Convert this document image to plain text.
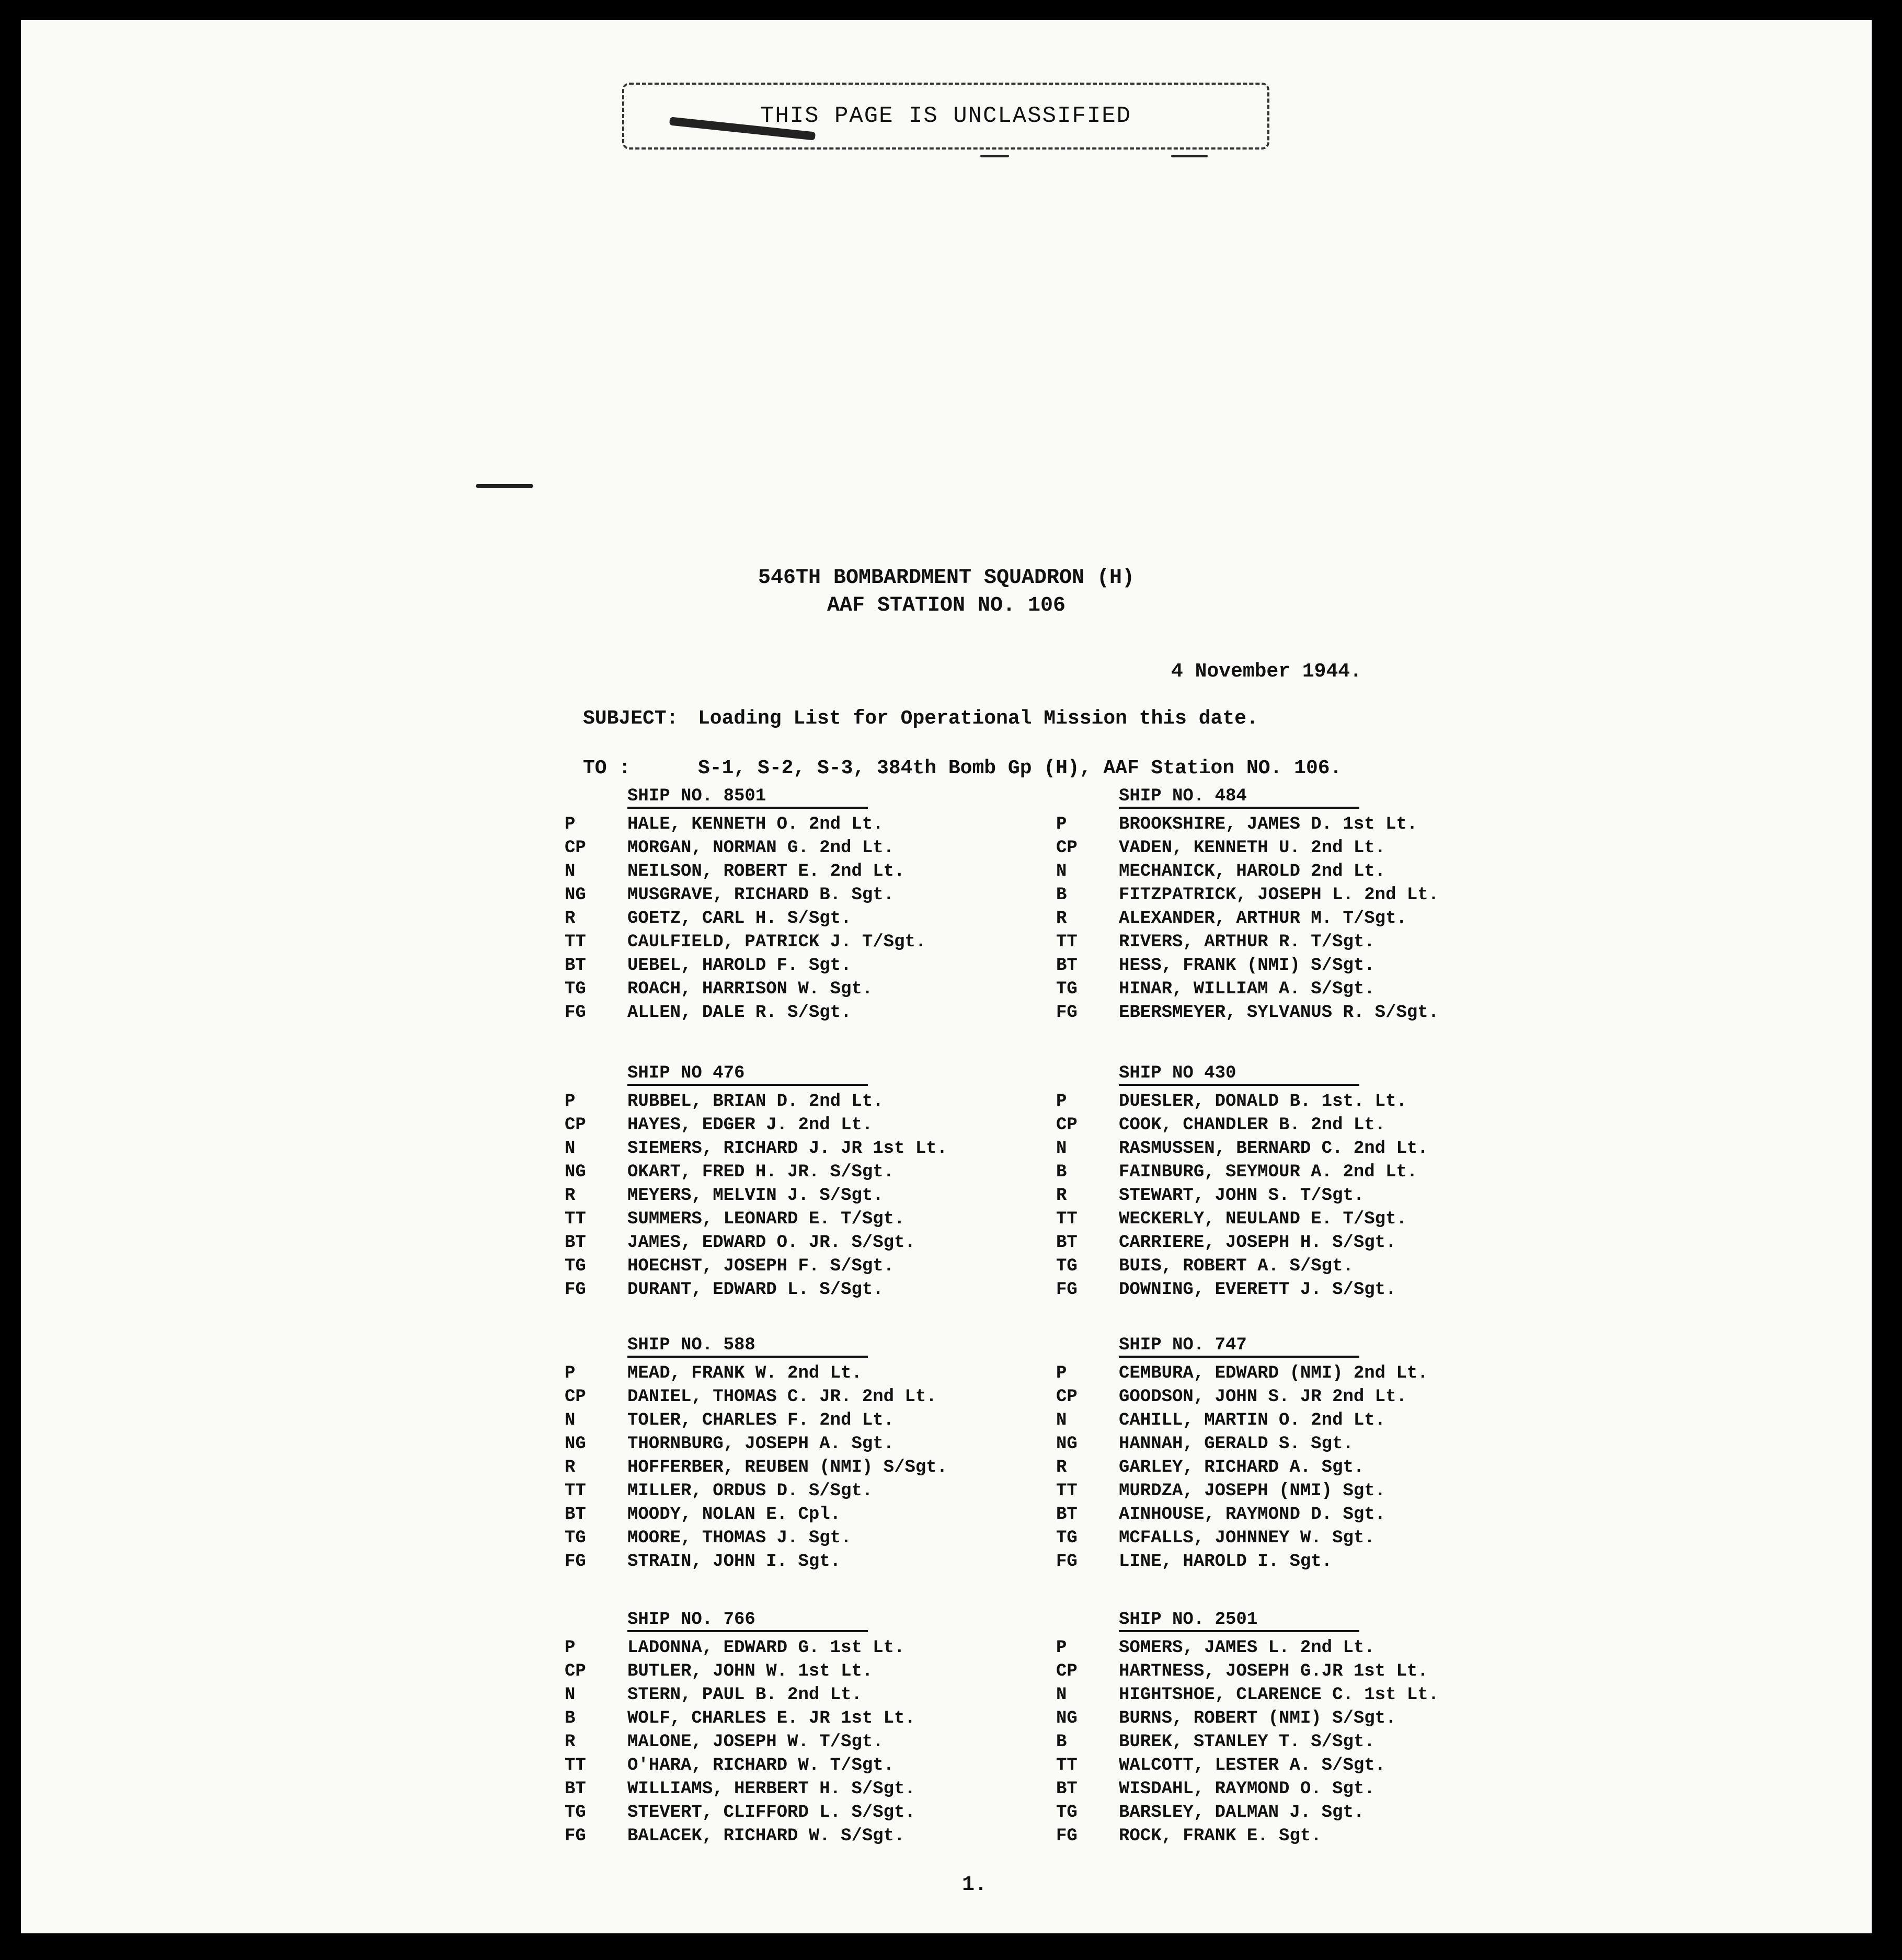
THIS PAGE IS UNCLASSIFIED
546TH BOMBARDMENT SQUADRON (H)
AAF STATION NO. 106
4 November 1944.
SUBJECT: Loading List for Operational Mission this date.
TO :	S-1, S-2, S-3, 384th Bomb Gp (H), AAF Station NO. 106.
SHIP NO. 8501
P	HALE, KENNETH O. 2nd Lt.
CP	MORGAN, NORMAN G. 2nd Lt.
N	NEILSON, ROBERT E. 2nd Lt.
NG	MUSGRAVE, RICHARD B. Sgt.
R	GOETZ, CARL H. S/Sgt.
TT	CAULFIELD, PATRICK J. T/Sgt.
BT	UEBEL, HAROLD F. Sgt.
TG	ROACH, HARRISON W. Sgt.
FG	ALLEN, DALE R. S/Sgt.
SHIP NO. 484
P	BROOKSHIRE, JAMES D. 1st Lt.
CP	VADEN, KENNETH U. 2nd Lt.
N	MECHANICK, HAROLD 2nd Lt.
B	FITZPATRICK, JOSEPH L. 2nd Lt.
R	ALEXANDER, ARTHUR M. T/Sgt.
TT	RIVERS, ARTHUR R. T/Sgt.
BT	HESS, FRANK (NMI) S/Sgt.
TG	HINAR, WILLIAM A. S/Sgt.
FG	EBERSMEYER, SYLVANUS R. S/Sgt.
SHIP NO 476
P	RUBBEL, BRIAN D. 2nd Lt.
CP	HAYES, EDGER J. 2nd Lt.
N	SIEMERS, RICHARD J. JR 1st Lt.
NG	OKART, FRED H. JR. S/Sgt.
R	MEYERS, MELVIN J. S/Sgt.
TT	SUMMERS, LEONARD E. T/Sgt.
BT	JAMES, EDWARD O. JR. S/Sgt.
TG	HOECHST, JOSEPH F. S/Sgt.
FG	DURANT, EDWARD L. S/Sgt.
SHIP NO 430
P	DUESLER, DONALD B. 1st. Lt.
CP	COOK, CHANDLER B. 2nd Lt.
N	RASMUSSEN, BERNARD C. 2nd Lt.
B	FAINBURG, SEYMOUR A. 2nd Lt.
R	STEWART, JOHN S. T/Sgt.
TT	WECKERLY, NEULAND E. T/Sgt.
BT	CARRIERE, JOSEPH H. S/Sgt.
TG	BUIS, ROBERT A. S/Sgt.
FG	DOWNING, EVERETT J. S/Sgt.
SHIP NO. 588
P	MEAD, FRANK W. 2nd Lt.
CP	DANIEL, THOMAS C. JR. 2nd Lt.
N	TOLER, CHARLES F. 2nd Lt.
NG	THORNBURG, JOSEPH A. Sgt.
R	HOFFERBER, REUBEN (NMI) S/Sgt.
TT	MILLER, ORDUS D. S/Sgt.
BT	MOODY, NOLAN E. Cpl.
TG	MOORE, THOMAS J. Sgt.
FG	STRAIN, JOHN I. Sgt.
SHIP NO. 747
P	CEMBURA, EDWARD (NMI) 2nd Lt.
CP	GOODSON, JOHN S. JR 2nd Lt.
N	CAHILL, MARTIN O. 2nd Lt.
NG	HANNAH, GERALD S. Sgt.
R	GARLEY, RICHARD A. Sgt.
TT	MURDZA, JOSEPH (NMI) Sgt.
BT	AINHOUSE, RAYMOND D. Sgt.
TG	MCFALLS, JOHNNEY W. Sgt.
FG	LINE, HAROLD I. Sgt.
SHIP NO. 766
P	LADONNA, EDWARD G. 1st Lt.
CP	BUTLER, JOHN W. 1st Lt.
N	STERN, PAUL B. 2nd Lt.
B	WOLF, CHARLES E. JR 1st Lt.
R	MALONE, JOSEPH W. T/Sgt.
TT	O'HARA, RICHARD W. T/Sgt.
BT	WILLIAMS, HERBERT H. S/Sgt.
TG	STEVERT, CLIFFORD L. S/Sgt.
FG	BALACEK, RICHARD W. S/Sgt.
SHIP NO. 2501
P	SOMERS, JAMES L. 2nd Lt.
CP	HARTNESS, JOSEPH G.JR 1st Lt.
N	HIGHTSHOE, CLARENCE C. 1st Lt.
NG	BURNS, ROBERT (NMI) S/Sgt.
B	BUREK, STANLEY T. S/Sgt.
TT	WALCOTT, LESTER A. S/Sgt.
BT	WISDAHL, RAYMOND O. Sgt.
TG	BARSLEY, DALMAN J. Sgt.
FG	ROCK, FRANK E. Sgt.
1.
